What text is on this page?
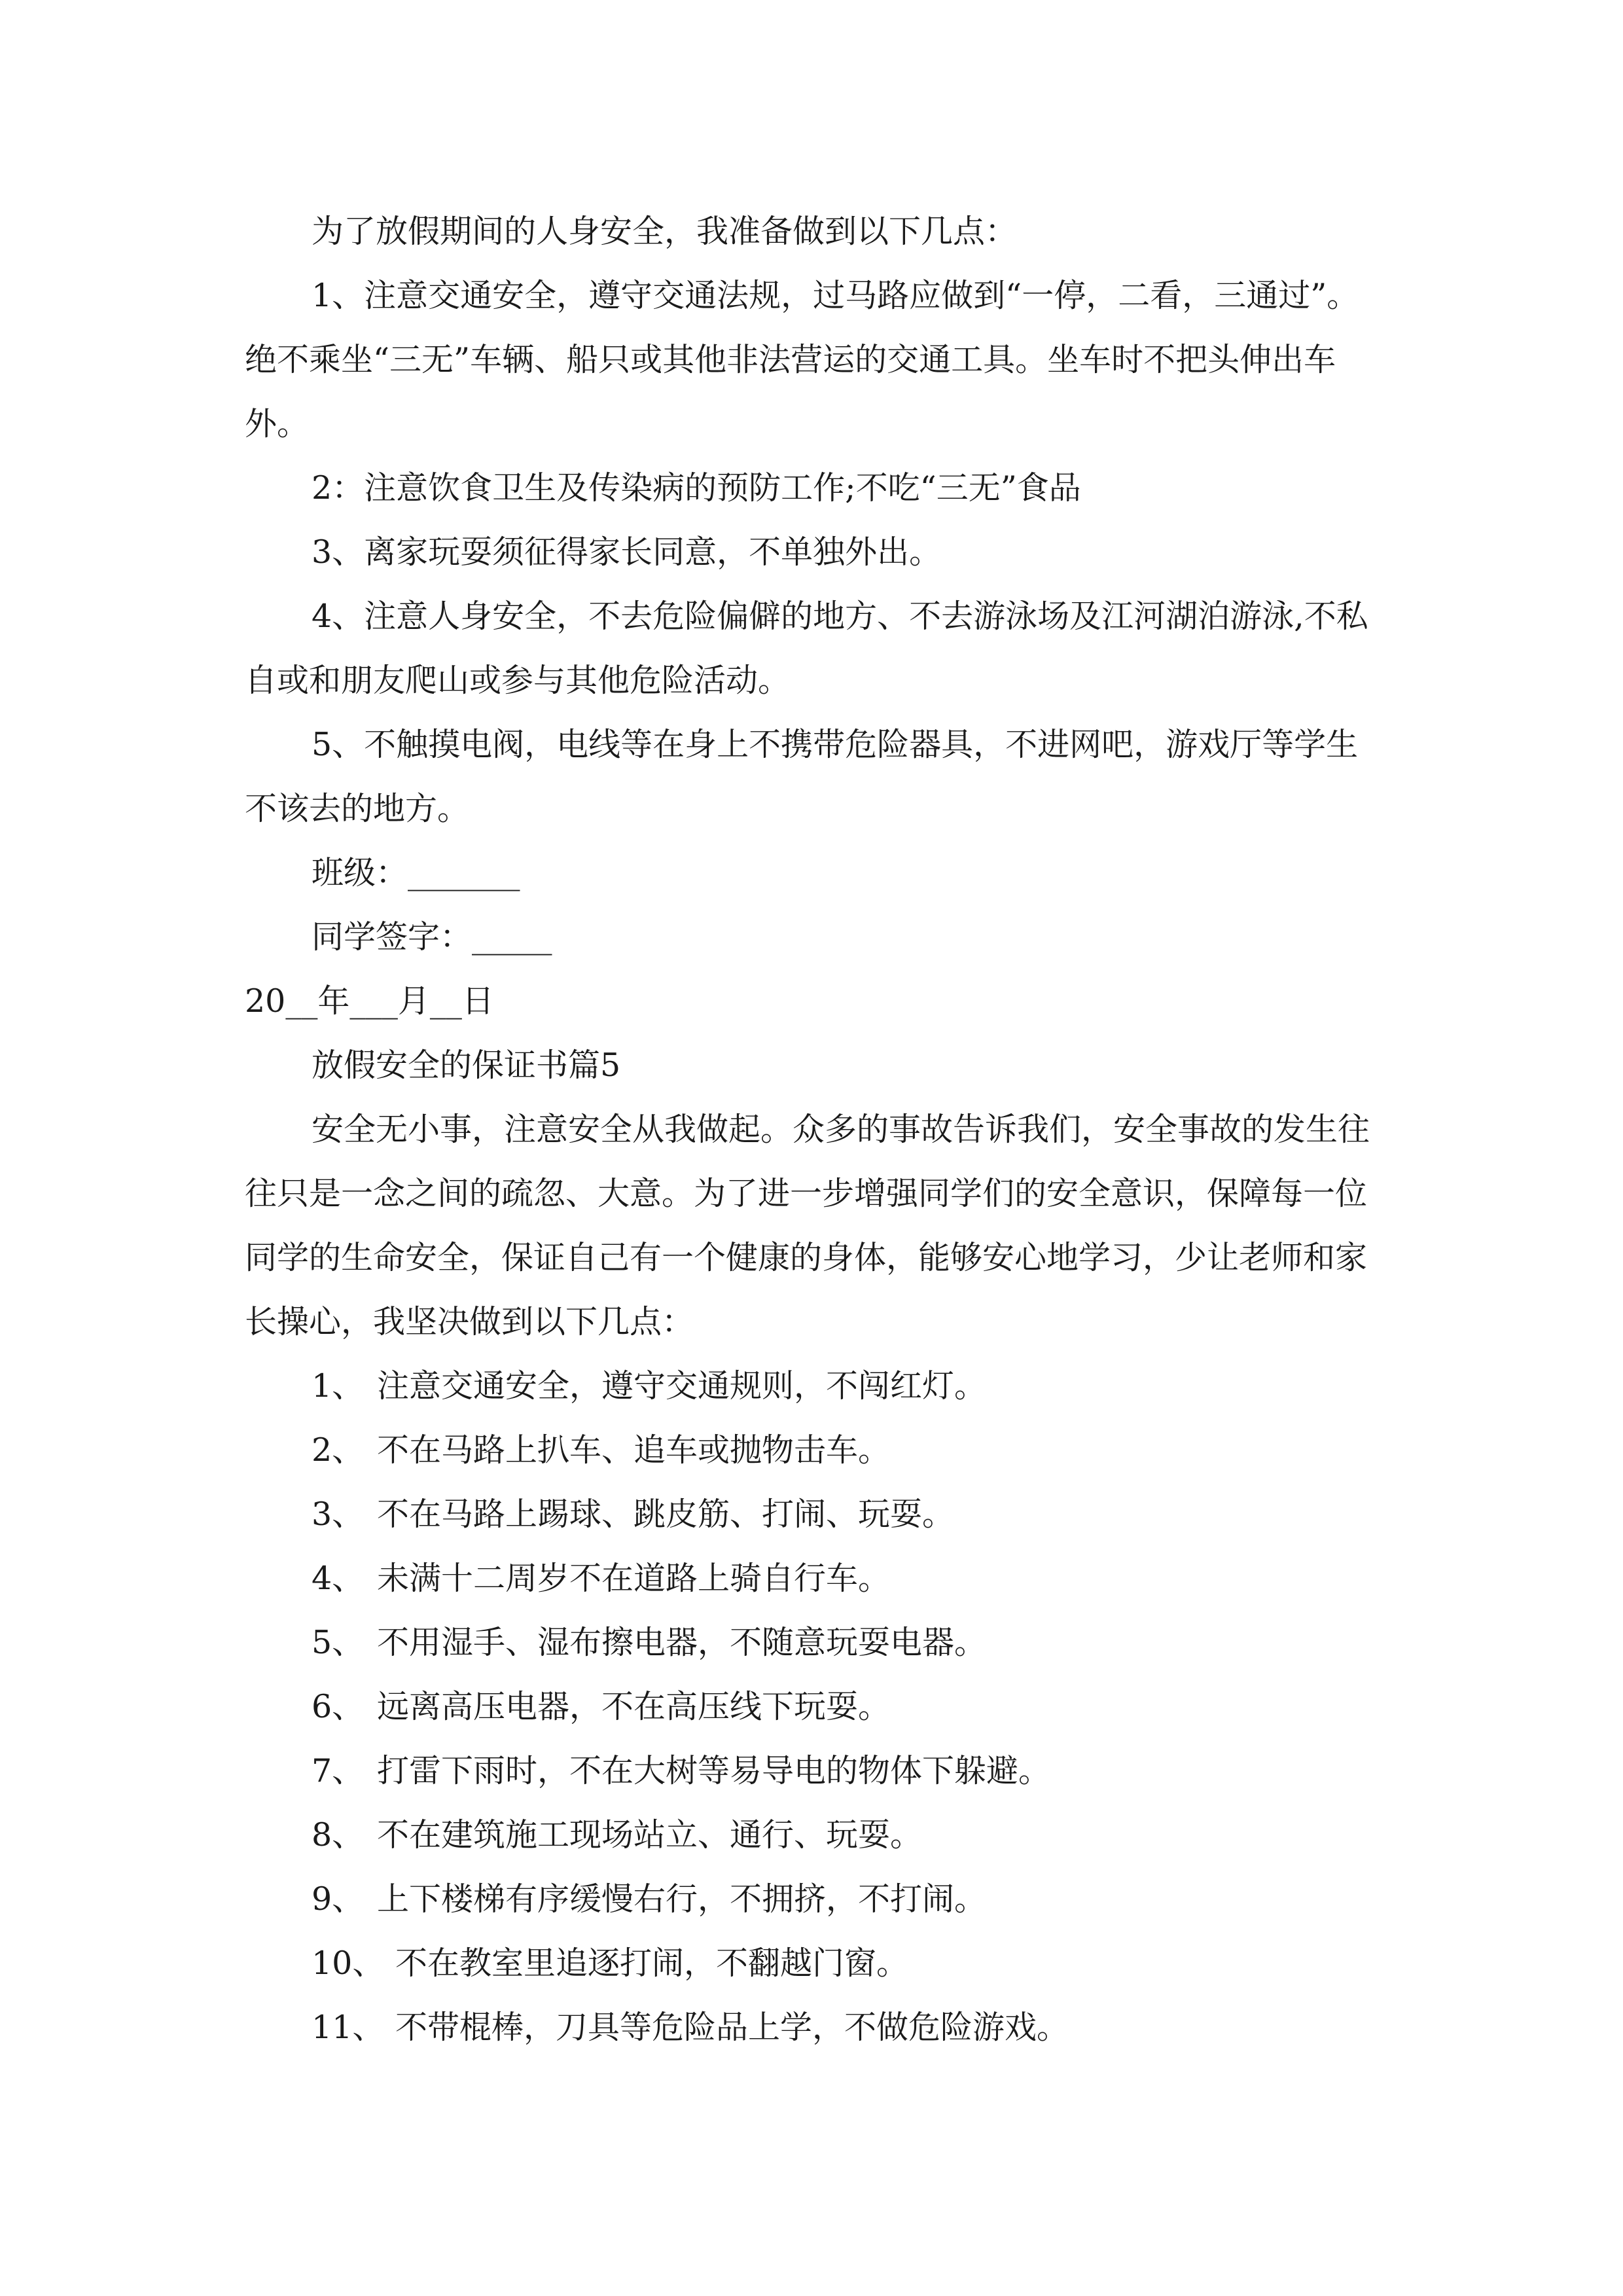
为了放假期间的人身安全，我准备做到以下几点：

1、注意交通安全，遵守交通法规，过马路应做到“一停，二看，三通过”。绝不乘坐“三无”车辆、船只或其他非法营运的交通工具。坐车时不把头伸出车外。

2：注意饮食卫生及传染病的预防工作;不吃“三无”食品

3、离家玩耍须征得家长同意，不单独外出。

4、注意人身安全，不去危险偏僻的地方、不去游泳场及江河湖泊游泳,不私自或和朋友爬山或参与其他危险活动。

5、不触摸电阀，电线等在身上不携带危险器具，不进网吧，游戏厅等学生不该去的地方。

班级：_______

同学签字：_____

20__年___月__日

放假安全的保证书篇5

安全无小事，注意安全从我做起。众多的事故告诉我们，安全事故的发生往往只是一念之间的疏忽、大意。为了进一步增强同学们的安全意识，保障每一位同学的生命安全，保证自己有一个健康的身体，能够安心地学习，少让老师和家长操心，我坚决做到以下几点：

1、 注意交通安全，遵守交通规则，不闯红灯。

2、 不在马路上扒车、追车或抛物击车。

3、 不在马路上踢球、跳皮筋、打闹、玩耍。

4、 未满十二周岁不在道路上骑自行车。

5、 不用湿手、湿布擦电器，不随意玩耍电器。

6、 远离高压电器，不在高压线下玩耍。

7、 打雷下雨时，不在大树等易导电的物体下躲避。

8、 不在建筑施工现场站立、通行、玩耍。

9、 上下楼梯有序缓慢右行，不拥挤，不打闹。

10、 不在教室里追逐打闹，不翻越门窗。

11、 不带棍棒，刀具等危险品上学，不做危险游戏。
